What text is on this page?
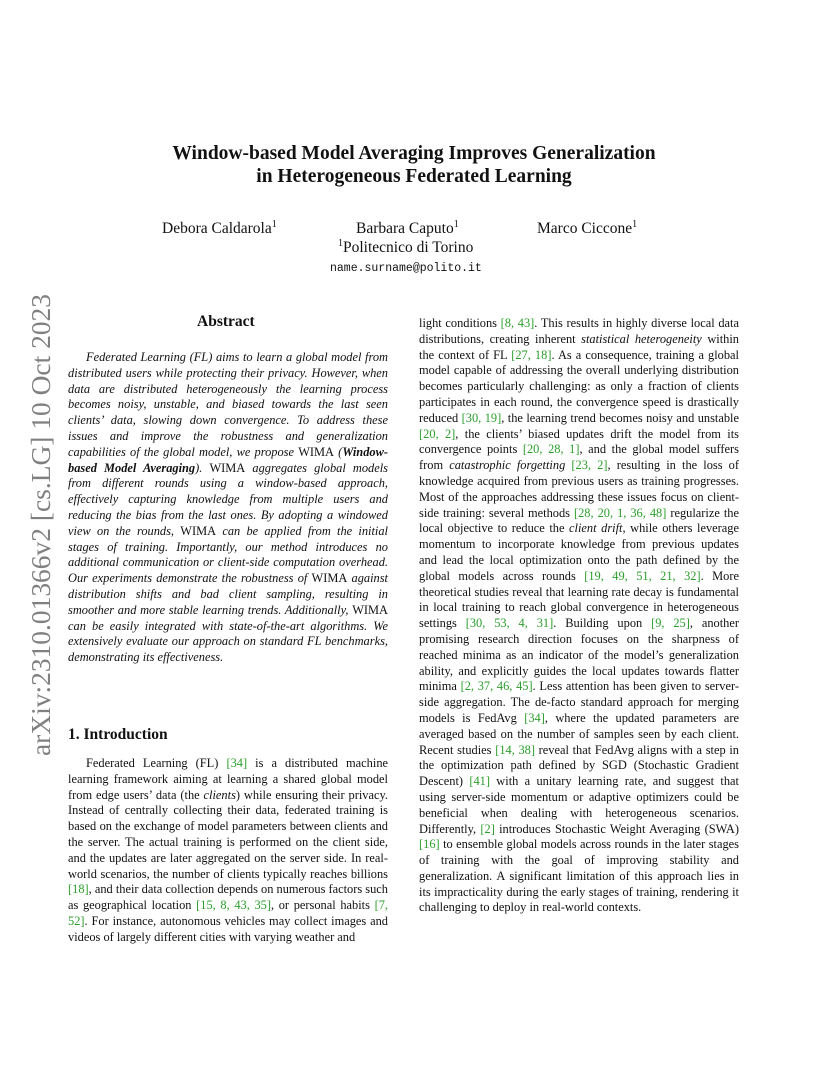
arXiv:2310.01366v2 [cs.LG] 10 Oct 2023
Window-based Model Averaging Improves Generalization
in Heterogeneous Federated Learning
Debora Caldarola$^1$	Barbara Caputo$^1$	Marco Ciccone$^1$
$^1$Politecnico di Torino
name.surname@polito.it
Abstract

Federated Learning (FL) aims to learn a global model from distributed users while protecting their privacy. However, when data are distributed heterogeneously the learning process becomes noisy, unstable, and biased towards the last seen clients’ data, slowing down convergence. To address these issues and improve the robustness and generalization capabilities of the global model, we propose WIMA (Window-based Model Averaging). WIMA aggregates global models from different rounds using a window-based approach, effectively capturing knowledge from multiple users and reducing the bias from the last ones. By adopting a windowed view on the rounds, WIMA can be applied from the initial stages of training. Importantly, our method introduces no additional communication or client-side computation overhead. Our experiments demonstrate the robustness of WIMA against distribution shifts and bad client sampling, resulting in smoother and more stable learning trends. Additionally, WIMA can be easily integrated with state-of-the-art algorithms. We extensively evaluate our approach on standard FL benchmarks, demonstrating its effectiveness.

1. Introduction

Federated Learning (FL) [34] is a distributed machine learning framework aiming at learning a shared global model from edge users’ data (the clients) while ensuring their privacy. Instead of centrally collecting their data, federated training is based on the exchange of model parameters between clients and the server. The actual training is performed on the client side, and the updates are later aggregated on the server side. In real-world scenarios, the number of clients typically reaches billions [18], and their data collection depends on numerous factors such as geographical location [15, 8, 43, 35], or personal habits [7, 52]. For instance, autonomous vehicles may collect images and videos of largely different cities with varying weather and

light conditions [8, 43]. This results in highly diverse local data distributions, creating inherent statistical heterogeneity within the context of FL [27, 18]. As a consequence, training a global model capable of addressing the overall underlying distribution becomes particularly challenging: as only a fraction of clients participates in each round, the convergence speed is drastically reduced [30, 19], the learning trend becomes noisy and unstable [20, 2], the clients’ biased updates drift the model from its convergence points [20, 28, 1], and the global model suffers from catastrophic forgetting [23, 2], resulting in the loss of knowledge acquired from previous users as training progresses. Most of the approaches addressing these issues focus on client-side training: several methods [28, 20, 1, 36, 48] regularize the local objective to reduce the client drift, while others leverage momentum to incorporate knowledge from previous updates and lead the local optimization onto the path defined by the global models across rounds [19, 49, 51, 21, 32]. More theoretical studies reveal that learning rate decay is fundamental in local training to reach global convergence in heterogeneous settings [30, 53, 4, 31]. Building upon [9, 25], another promising research direction focuses on the sharpness of reached minima as an indicator of the model’s generalization ability, and explicitly guides the local updates towards flatter minima [2, 37, 46, 45]. Less attention has been given to server-side aggregation. The de-facto standard approach for merging models is FedAvg [34], where the updated parameters are averaged based on the number of samples seen by each client. Recent studies [14, 38] reveal that FedAvg aligns with a step in the optimization path defined by SGD (Stochastic Gradient Descent) [41] with a unitary learning rate, and suggest that using server-side momentum or adaptive optimizers could be beneficial when dealing with heterogeneous scenarios. Differently, [2] introduces Stochastic Weight Averaging (SWA) [16] to ensemble global models across rounds in the later stages of training with the goal of improving stability and generalization. A significant limitation of this approach lies in its impracticality during the early stages of training, rendering it challenging to deploy in real-world contexts.
